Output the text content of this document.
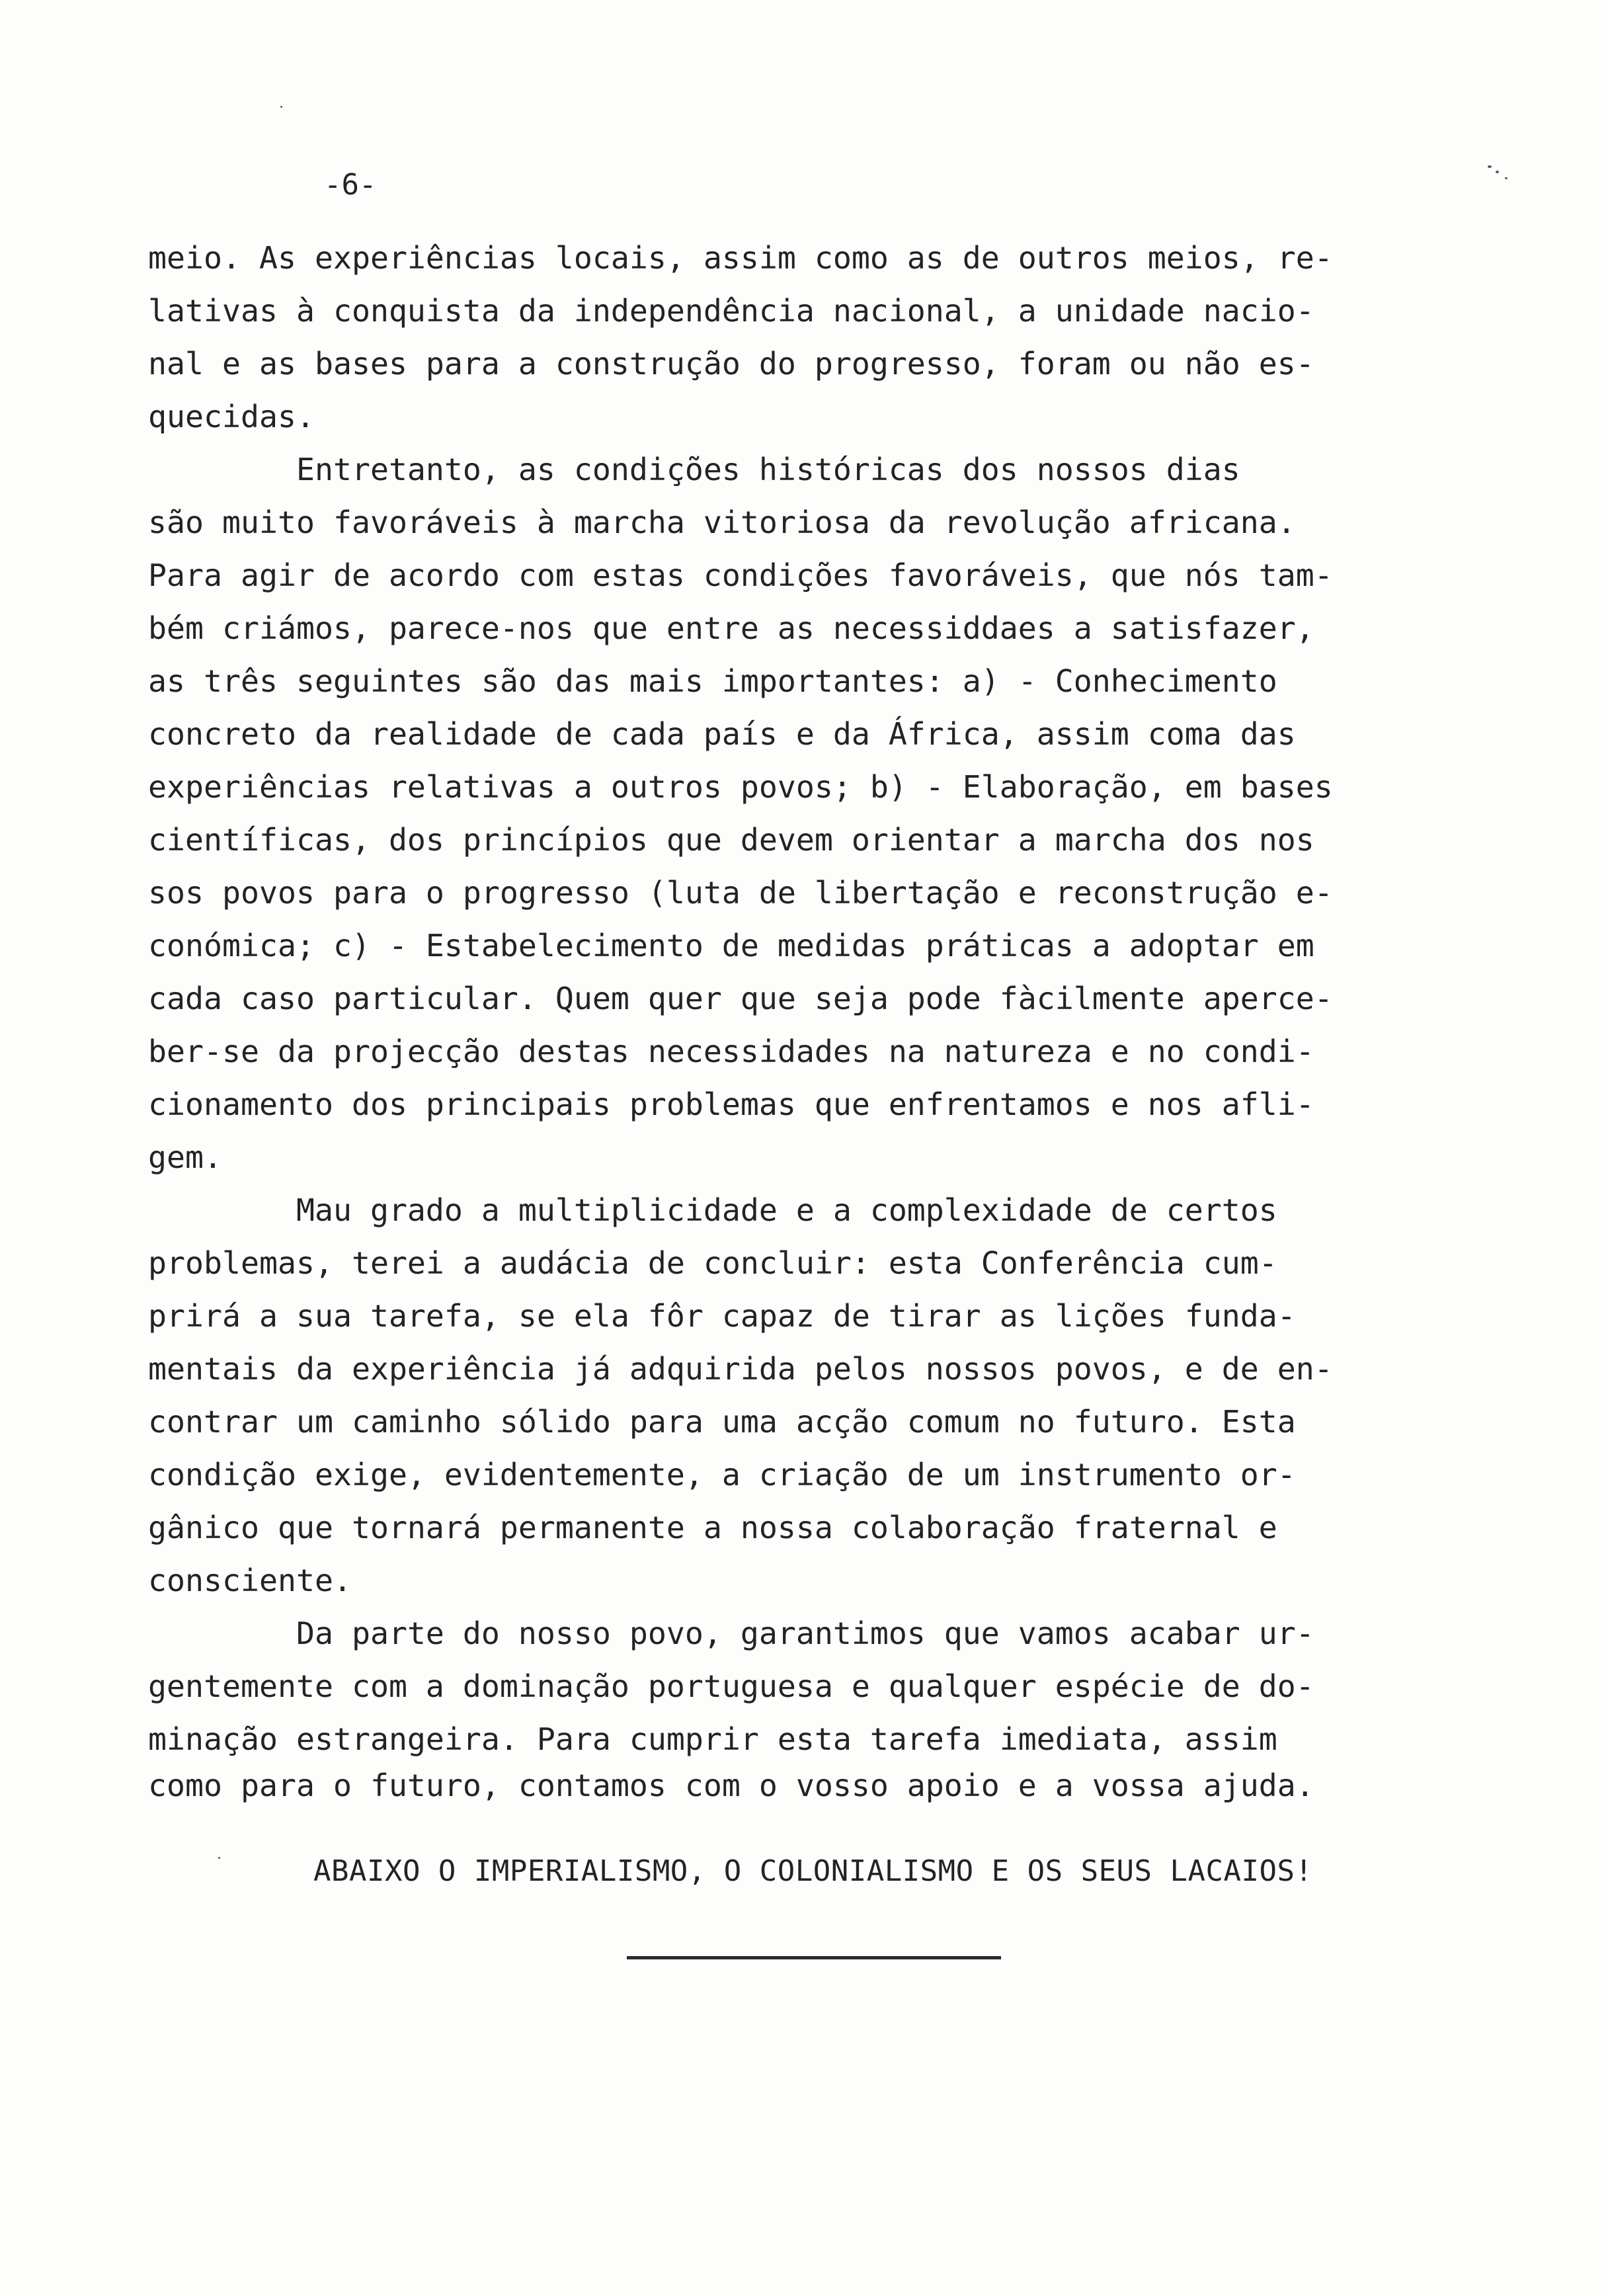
-6-
meio. As experiências locais, assim como as de outros meios, re-
lativas à conquista da independência nacional, a unidade nacio-
nal e as bases para a construção do progresso, foram ou não es-
quecidas.
Entretanto, as condições históricas dos nossos dias
são muito favoráveis à marcha vitoriosa da revolução africana.
Para agir de acordo com estas condições favoráveis, que nós tam-
bém criámos, parece-nos que entre as necessiddaes a satisfazer,
as três seguintes são das mais importantes: a) - Conhecimento
concreto da realidade de cada país e da África, assim coma das
experiências relativas a outros povos; b) - Elaboração, em bases
científicas, dos princípios que devem orientar a marcha dos nos
sos povos para o progresso (luta de libertação e reconstrução e-
conómica; c) - Estabelecimento de medidas práticas a adoptar em
cada caso particular. Quem quer que seja pode fàcilmente aperce-
ber-se da projecção destas necessidades na natureza e no condi-
cionamento dos principais problemas que enfrentamos e nos afli-
gem.
Mau grado a multiplicidade e a complexidade de certos
problemas, terei a audácia de concluir: esta Conferência cum-
prirá a sua tarefa, se ela fôr capaz de tirar as lições funda-
mentais da experiência já adquirida pelos nossos povos, e de en-
contrar um caminho sólido para uma acção comum no futuro. Esta
condição exige, evidentemente, a criação de um instrumento or-
gânico que tornará permanente a nossa colaboração fraternal e
consciente.
Da parte do nosso povo, garantimos que vamos acabar ur-
gentemente com a dominação portuguesa e qualquer espécie de do-
minação estrangeira. Para cumprir esta tarefa imediata, assim
como para o futuro, contamos com o vosso apoio e a vossa ajuda.
ABAIXO O IMPERIALISMO, O COLONIALISMO E OS SEUS LACAIOS!
